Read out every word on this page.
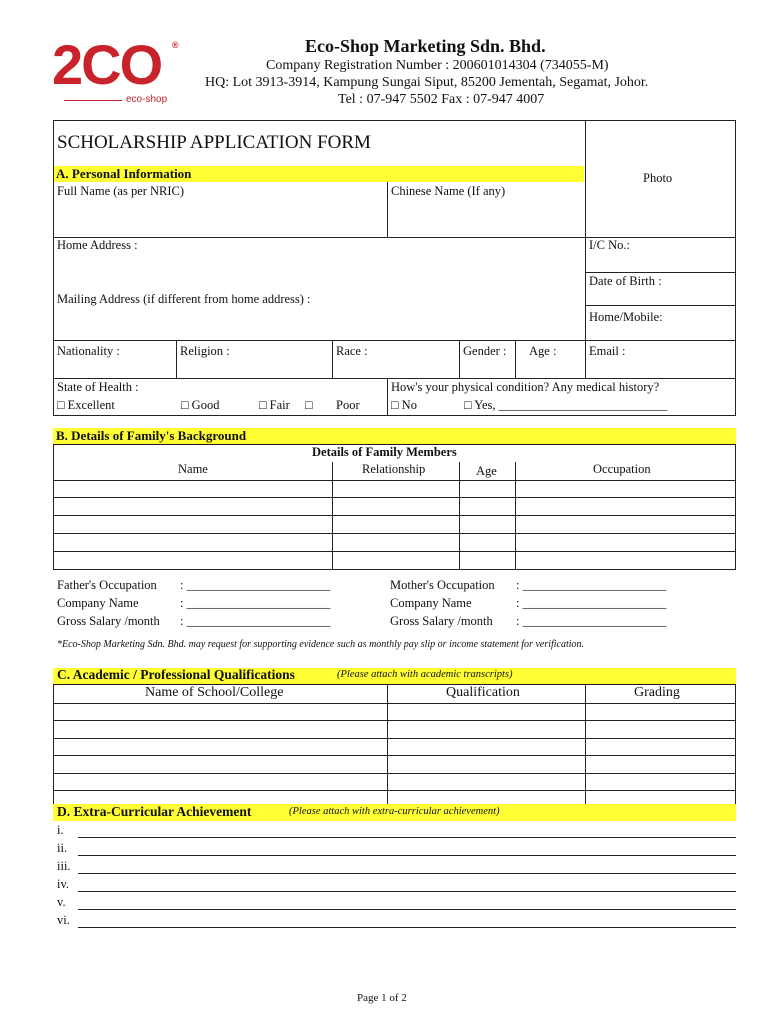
2CO ®
eco-shop
Eco-Shop Marketing Sdn. Bhd.
Company Registration Number : 200601014304 (734055-M)
HQ: Lot 3913-3914, Kampung Sungai Siput, 85200 Jementah, Segamat, Johor.
Tel : 07-947 5502 Fax : 07-947 4007
SCHOLARSHIP APPLICATION FORM
Photo
A. Personal Information
Full Name (as per NRIC)	Chinese Name (If any)
Home Address :	I/C No.:
Date of Birth :
Mailing Address (if different from home address) :
Home/Mobile:
Nationality :	Religion :	Race :	Gender : Age :	Email :
State of Health :
□ Excellent	□ Good	□ Fair □ Poor
How's your physical condition? Any medical history?
□ No	□ Yes, ___________________________
B. Details of Family's Background
Details of Family Members
Name	Relationship	Age	Occupation
Father's Occupation : _______________________
Company Name	: _______________________
Gross Salary /month : _______________________
Mother's Occupation : _______________________
Company Name	: _______________________
Gross Salary /month : _______________________
*Eco-Shop Marketing Sdn. Bhd. may request for supporting evidence such as monthly pay slip or income statement for verification.
C. Academic / Professional Qualifications	(Please attach with academic transcripts)
Name of School/College	Qualification	Grading
D. Extra-Curricular Achievement	(Please attach with extra-curricular achievement)
i.
ii.
iii.
iv.
v.
vi.
Page 1 of 2
